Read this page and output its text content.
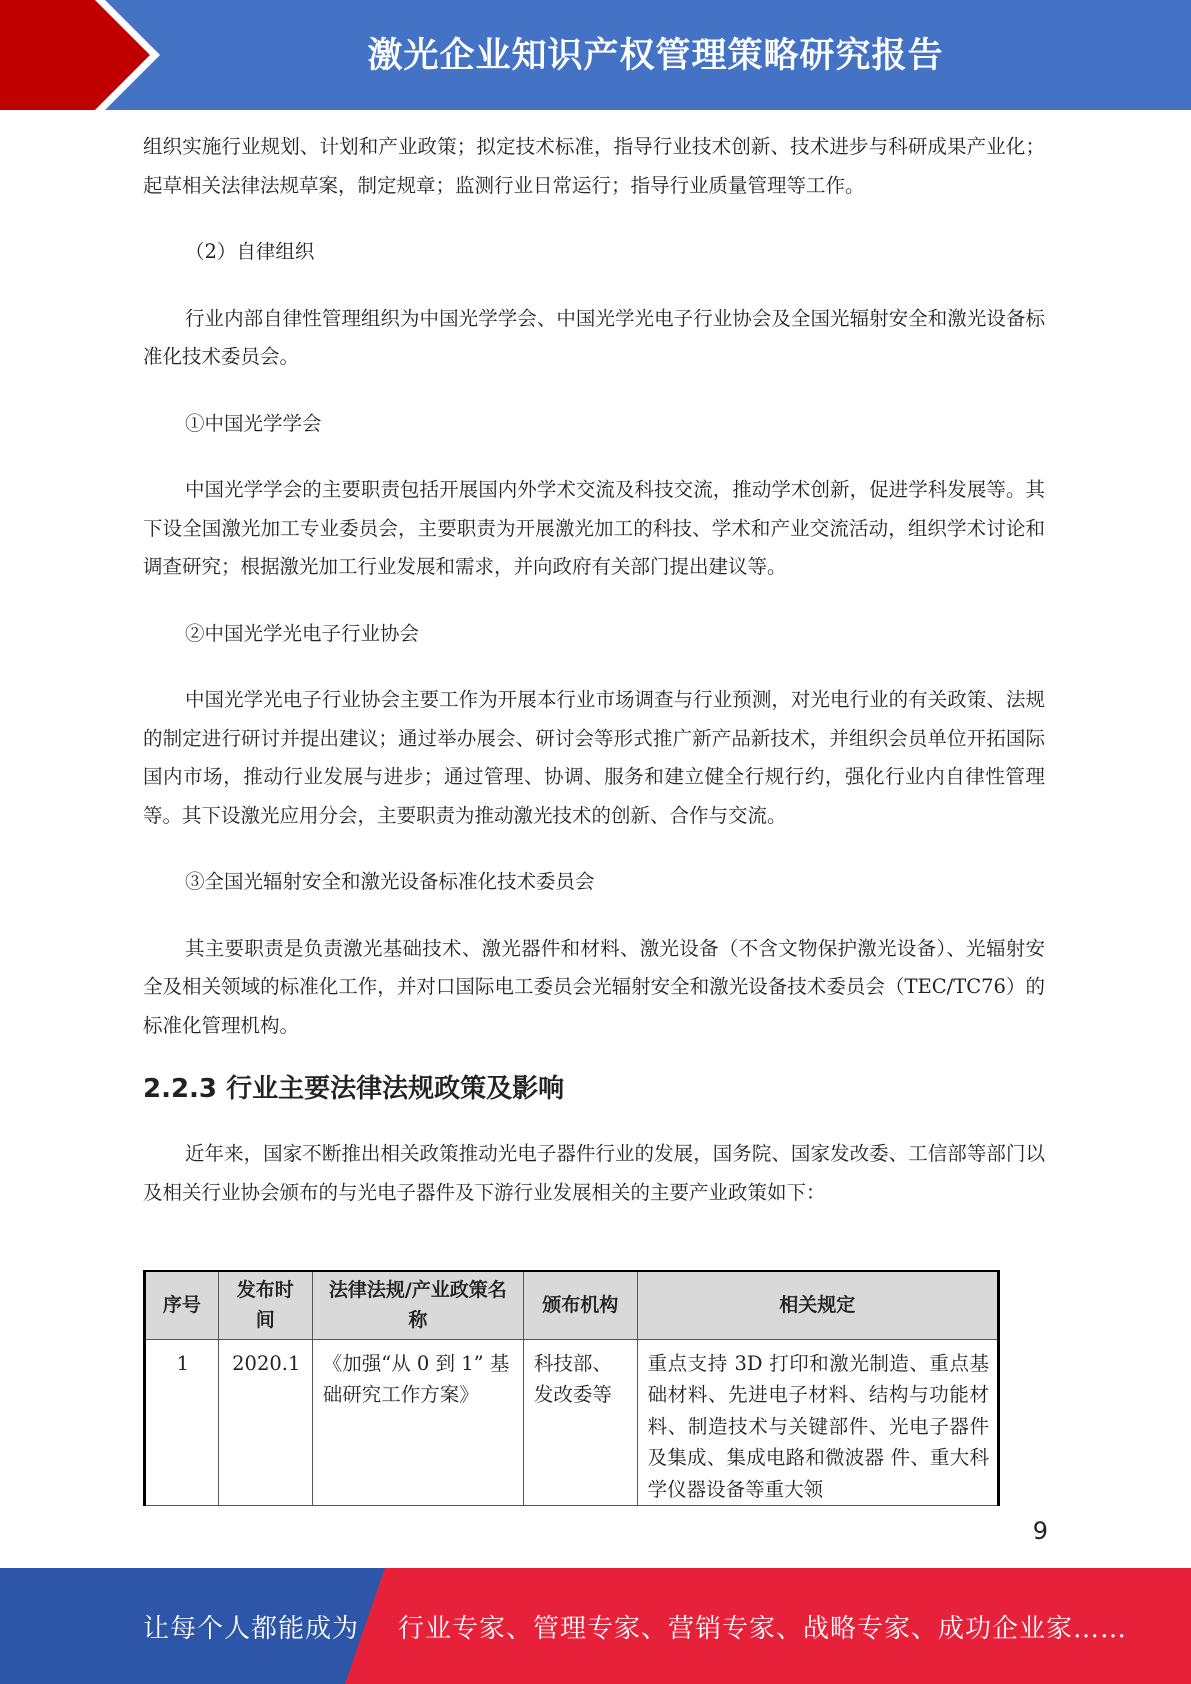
激光企业知识产权管理策略研究报告

组织实施行业规划、计划和产业政策；拟定技术标准，指导行业技术创新、技术进步与科研成果产业化；起草相关法律法规草案，制定规章；监测行业日常运行；指导行业质量管理等工作。

（2）自律组织

行业内部自律性管理组织为中国光学学会、中国光学光电子行业协会及全国光辐射安全和激光设备标准化技术委员会。

①中国光学学会

中国光学学会的主要职责包括开展国内外学术交流及科技交流，推动学术创新，促进学科发展等。其下设全国激光加工专业委员会，主要职责为开展激光加工的科技、学术和产业交流活动，组织学术讨论和调查研究；根据激光加工行业发展和需求，并向政府有关部门提出建议等。

②中国光学光电子行业协会

中国光学光电子行业协会主要工作为开展本行业市场调查与行业预测，对光电行业的有关政策、法规的制定进行研讨并提出建议；通过举办展会、研讨会等形式推广新产品新技术，并组织会员单位开拓国际国内市场，推动行业发展与进步；通过管理、协调、服务和建立健全行规行约，强化行业内自律性管理等。其下设激光应用分会，主要职责为推动激光技术的创新、合作与交流。

③全国光辐射安全和激光设备标准化技术委员会

其主要职责是负责激光基础技术、激光器件和材料、激光设备（不含文物保护激光设备）、光辐射安全及相关领域的标准化工作，并对口国际电工委员会光辐射安全和激光设备技术委员会（TEC/TC76）的标准化管理机构。

2.2.3 行业主要法律法规政策及影响

近年来，国家不断推出相关政策推动光电子器件行业的发展，国务院、国家发改委、工信部等部门以及相关行业协会颁布的与光电子器件及下游行业发展相关的主要产业政策如下：

序号	发布时间	法律法规/产业政策名称	颁布机构	相关规定
1	2020.1	《加强“从 0 到 1” 基础研究工作方案》	科技部、发改委等	重点支持 3D 打印和激光制造、重点基础材料、先进电子材料、结构与功能材料、制造技术与关键部件、光电子器件及集成、集成电路和微波器 件、重大科学仪器设备等重大领
9
让每个人都能成为 行业专家、管理专家、营销专家、战略专家、成功企业家……
